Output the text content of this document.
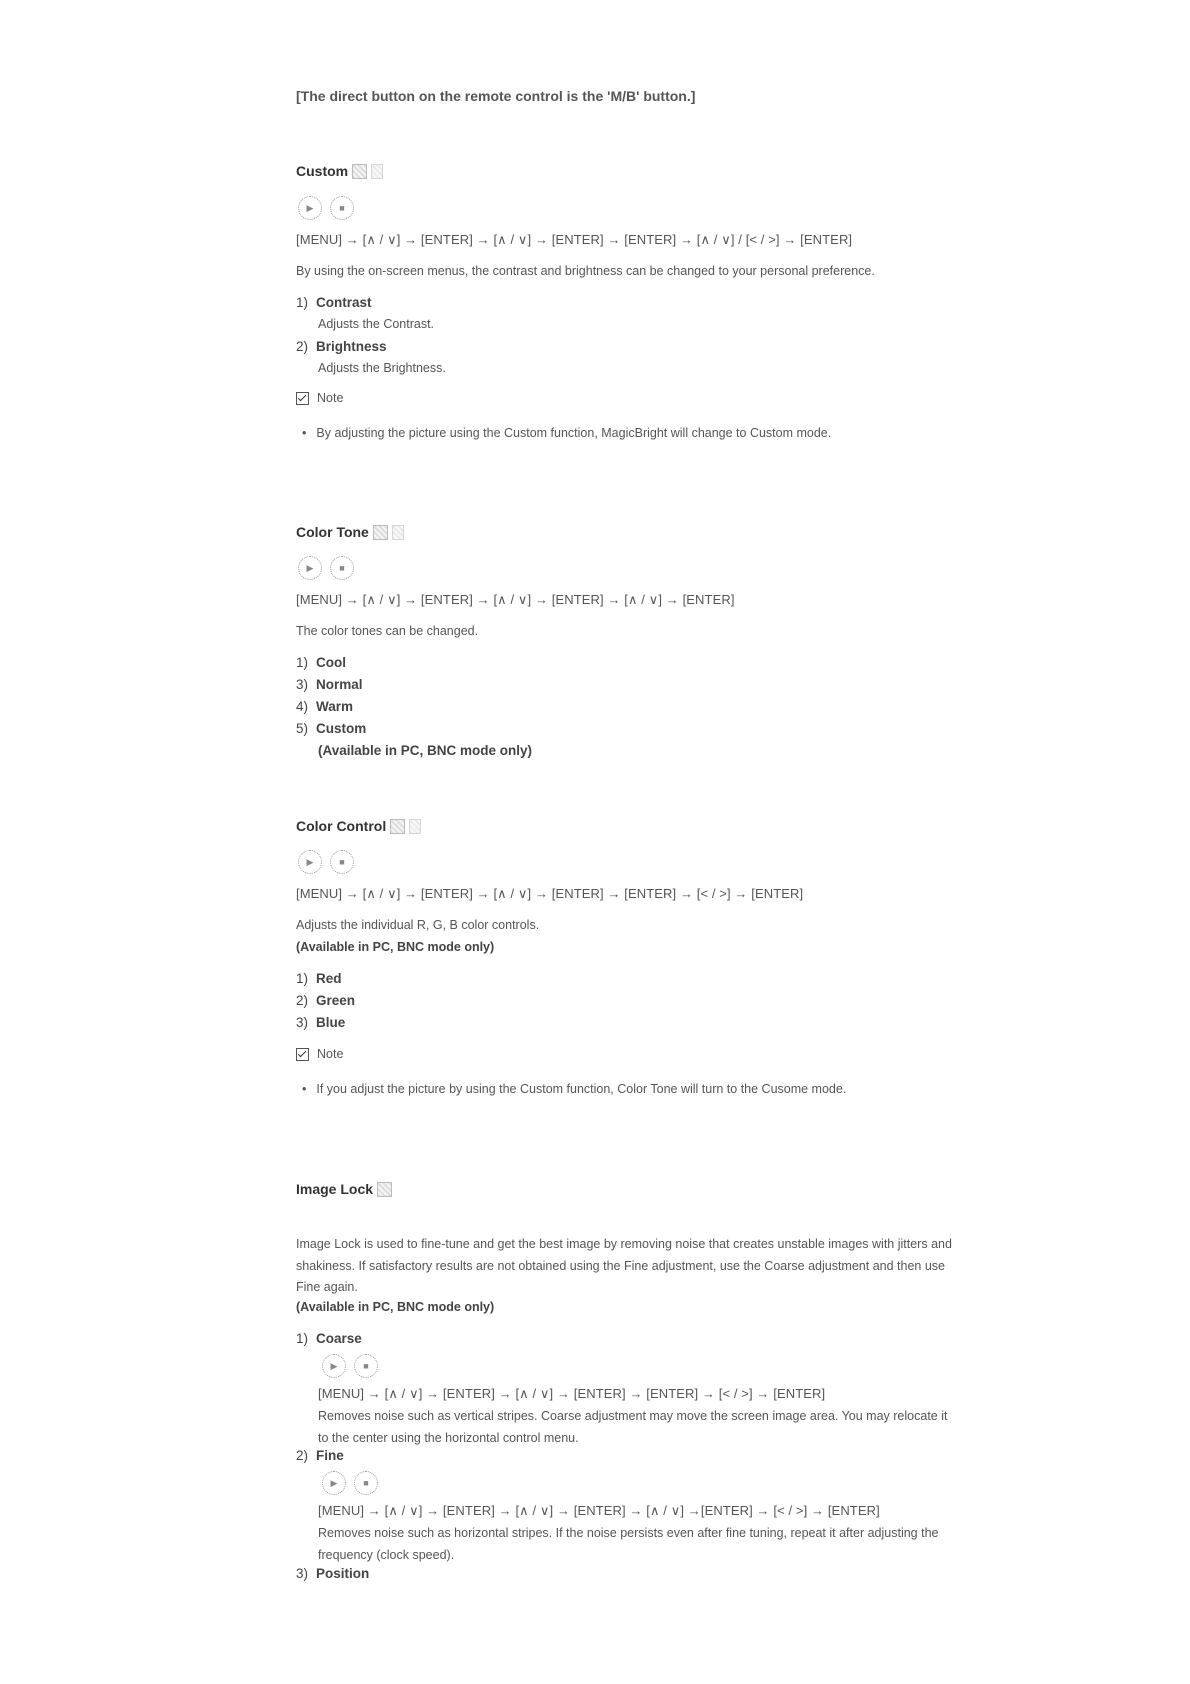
[The direct button on the remote control is the 'M/B' button.]
Custom
▶	■
[MENU] → [∧ / ∨] → [ENTER] → [∧ / ∨] → [ENTER] → [ENTER] → [∧ / ∨] / [< / >] → [ENTER]
By using the on-screen menus, the contrast and brightness can be changed to your personal preference.
1) Contrast
Adjusts the Contrast.
2) Brightness
Adjusts the Brightness.
Note
• By adjusting the picture using the Custom function, MagicBright will change to Custom mode.
Color Tone
▶	■
[MENU] → [∧ / ∨] → [ENTER] → [∧ / ∨] → [ENTER] → [∧ / ∨] → [ENTER]
The color tones can be changed.
1) Cool
3) Normal
4) Warm
5) Custom
(Available in PC, BNC mode only)
Color Control
▶	■
[MENU] → [∧ / ∨] → [ENTER] → [∧ / ∨] → [ENTER] → [ENTER] → [< / >] → [ENTER]
Adjusts the individual R, G, B color controls.
(Available in PC, BNC mode only)
1) Red
2) Green
3) Blue
Note
• If you adjust the picture by using the Custom function, Color Tone will turn to the Cusome mode.
Image Lock
Image Lock is used to fine-tune and get the best image by removing noise that creates unstable images with jitters and shakiness. If satisfactory results are not obtained using the Fine adjustment, use the Coarse adjustment and then use Fine again.
(Available in PC, BNC mode only)
1) Coarse
▶	■
[MENU] → [∧ / ∨] → [ENTER] → [∧ / ∨] → [ENTER] → [ENTER] → [< / >] → [ENTER]
Removes noise such as vertical stripes. Coarse adjustment may move the screen image area. You may relocate it to the center using the horizontal control menu.
2) Fine
▶	■
[MENU] → [∧ / ∨] → [ENTER] → [∧ / ∨] → [ENTER] → [∧ / ∨] →[ENTER] → [< / >] → [ENTER]
Removes noise such as horizontal stripes. If the noise persists even after fine tuning, repeat it after adjusting the frequency (clock speed).
3) Position
